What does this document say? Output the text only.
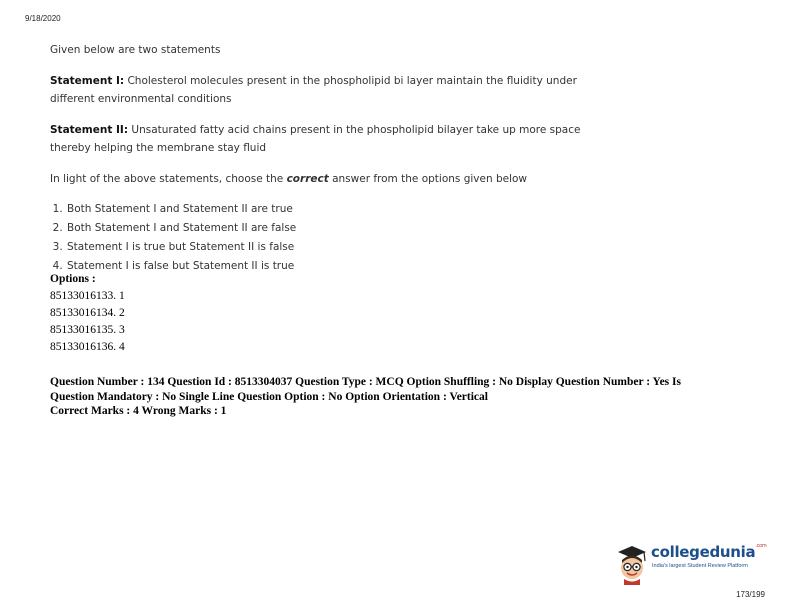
9/18/2020

Given below are two statements

Statement I: Cholesterol molecules present in the phospholipid bi layer maintain the fluidity under different environmental conditions

Statement II: Unsaturated fatty acid chains present in the phospholipid bilayer take up more space thereby helping the membrane stay fluid

In light of the above statements, choose the correct answer from the options given below

1. Both Statement I and Statement II are true
2. Both Statement I and Statement II are false
3. Statement I is true but Statement II is false
4. Statement I is false but Statement II is true
Options :
85133016133. 1
85133016134. 2
85133016135. 3
85133016136. 4
Question Number : 134 Question Id : 8513304037 Question Type : MCQ Option Shuffling : No Display Question Number : Yes Is
Question Mandatory : No Single Line Question Option : No Option Orientation : Vertical
Correct Marks : 4 Wrong Marks : 1
collegedunia$^{.com}$
India's largest Student Review Platform
173/199
